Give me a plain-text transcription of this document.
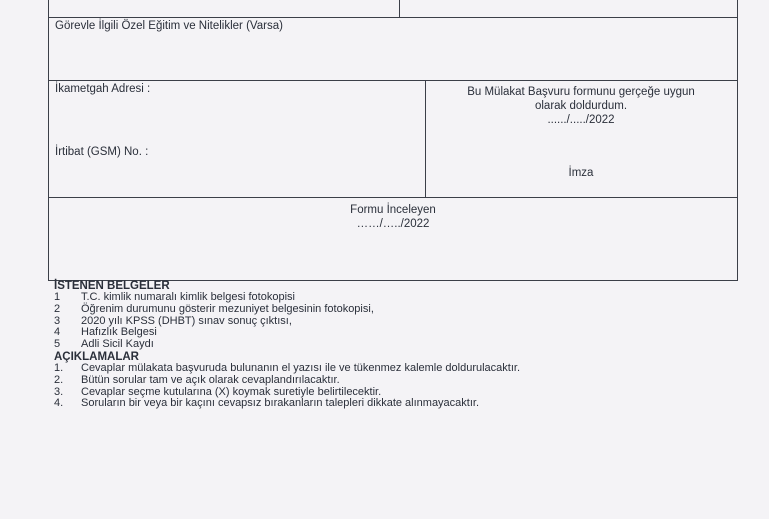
Görevle İlgili Özel Eğitim ve Nitelikler (Varsa)
İkametgah Adresi :
İrtibat (GSM) No. :
Bu Mülakat Başvuru formunu gerçeğe uygun
olarak doldurdum.
....../...../2022
İmza
Formu İnceleyen
……/…../2022
İSTENEN BELGELER
1 T.C. kimlik numaralı kimlik belgesi fotokopisi
2 Öğrenim durumunu gösterir mezuniyet belgesinin fotokopisi,
3 2020 yılı KPSS (DHBT) sınav sonuç çıktısı,
4 Hafızlık Belgesi
5 Adli Sicil Kaydı
AÇIKLAMALAR
1. Cevaplar mülakata başvuruda bulunanın el yazısı ile ve tükenmez kalemle doldurulacaktır.
2. Bütün sorular tam ve açık olarak cevaplandırılacaktır.
3. Cevaplar seçme kutularına (X) koymak suretiyle belirtilecektir.
4. Soruların bir veya bir kaçını cevapsız bırakanların talepleri dikkate alınmayacaktır.
